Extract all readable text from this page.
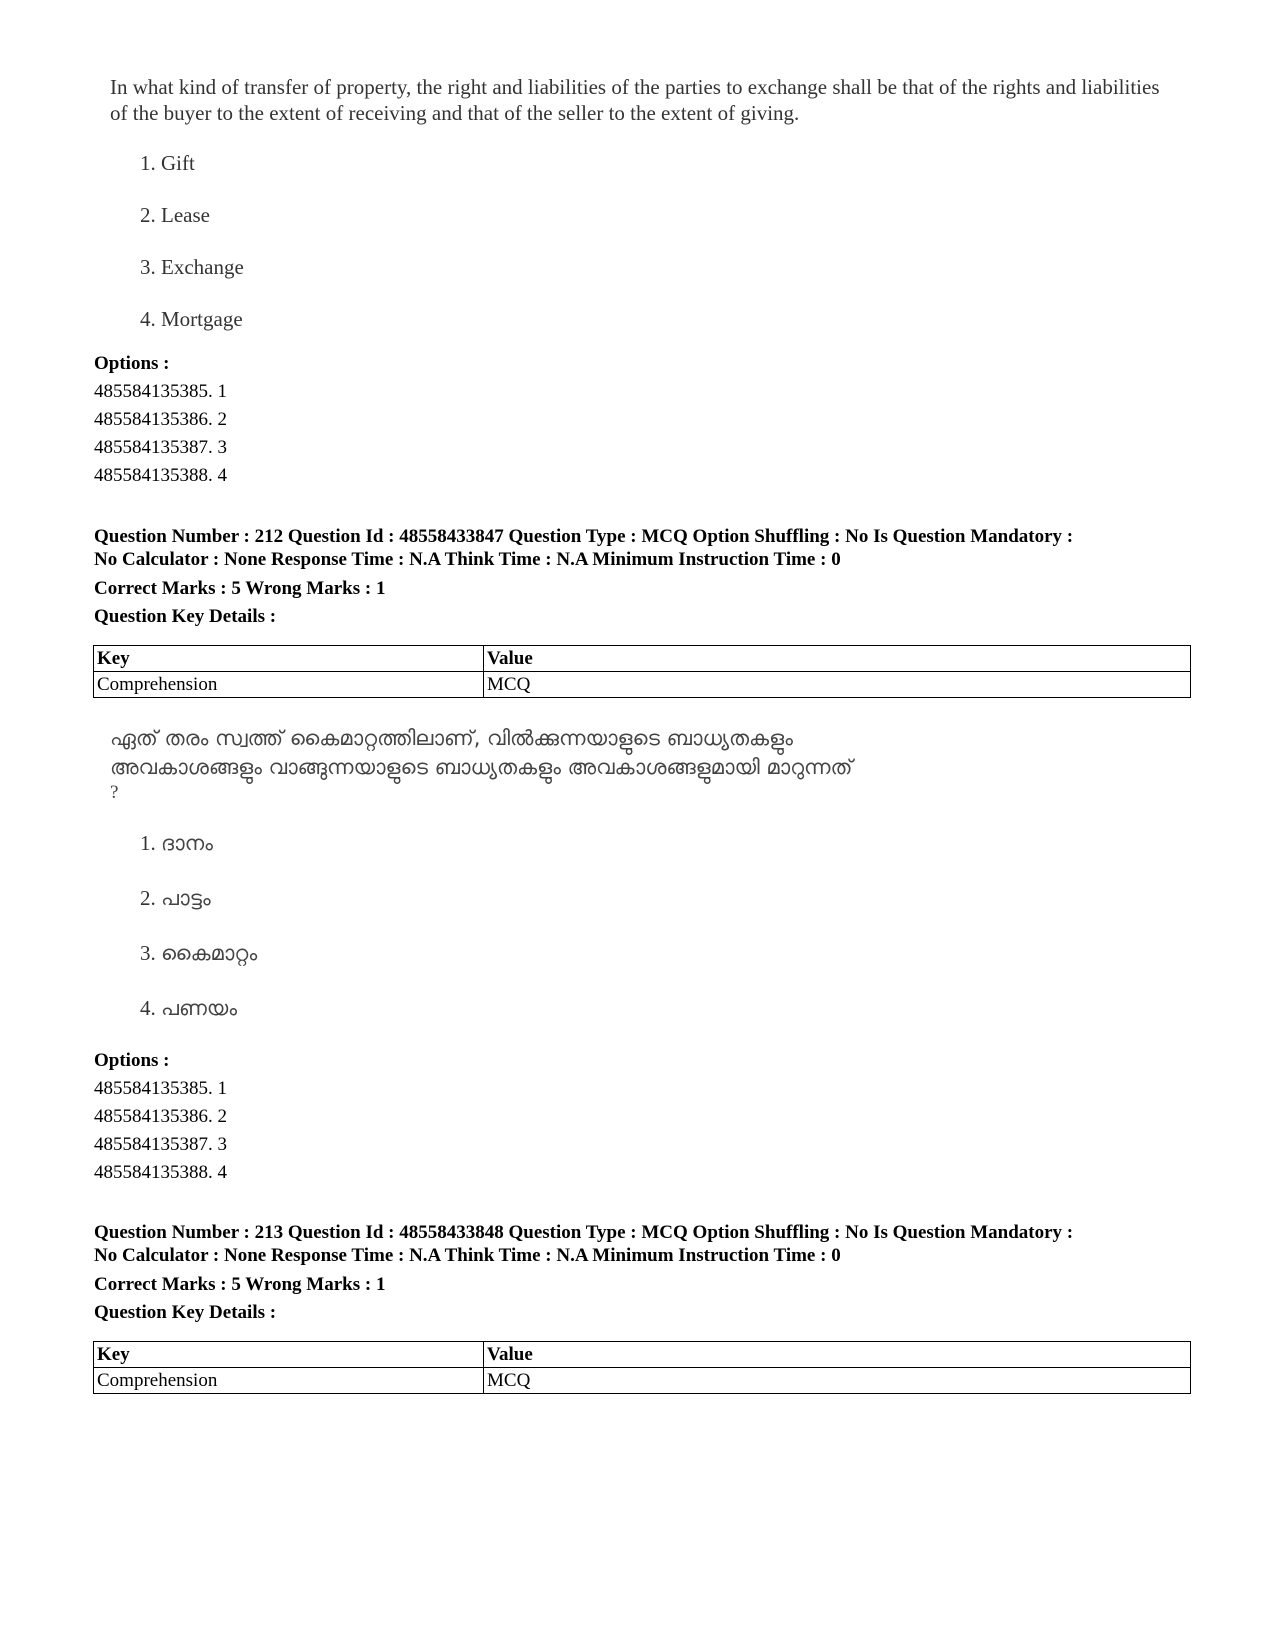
In what kind of transfer of property, the right and liabilities of the parties to exchange shall be that of the rights and liabilities of the buyer to the extent of receiving and that of the seller to the extent of giving.
1. Gift
2. Lease
3. Exchange
4. Mortgage
Options :
485584135385. 1
485584135386. 2
485584135387. 3
485584135388. 4
Question Number : 212 Question Id : 48558433847 Question Type : MCQ Option Shuffling : No Is Question Mandatory :
No Calculator : None Response Time : N.A Think Time : N.A Minimum Instruction Time : 0
Correct Marks : 5 Wrong Marks : 1
Question Key Details :
Key	Value
Comprehension	MCQ
ഏത് തരം സ്വത്ത് കൈമാറ്റത്തിലാണ്, വിൽക്കുന്നയാളുടെ ബാധ്യതകളും
അവകാശങ്ങളും വാങ്ങുന്നയാളുടെ ബാധ്യതകളും അവകാശങ്ങളുമായി മാറുന്നത്
?
1. ദാനം
2. പാട്ടം
3. കൈമാറ്റം
4. പണയം
Options :
485584135385. 1
485584135386. 2
485584135387. 3
485584135388. 4
Question Number : 213 Question Id : 48558433848 Question Type : MCQ Option Shuffling : No Is Question Mandatory :
No Calculator : None Response Time : N.A Think Time : N.A Minimum Instruction Time : 0
Correct Marks : 5 Wrong Marks : 1
Question Key Details :
Key	Value
Comprehension	MCQ
